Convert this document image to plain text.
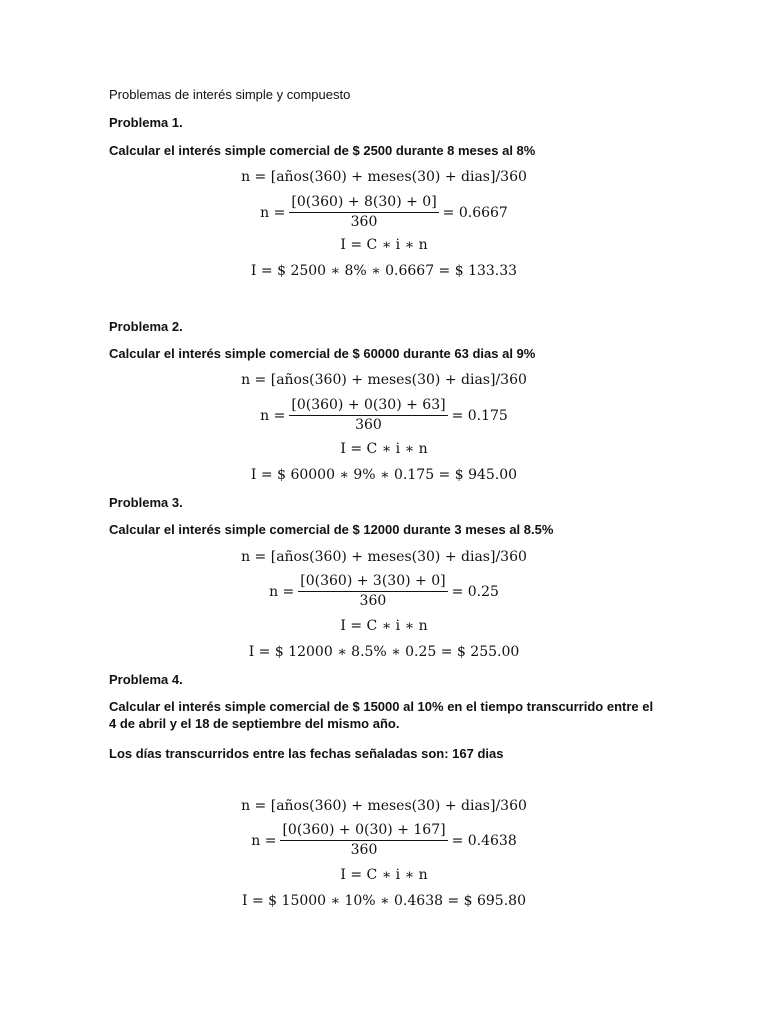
Problemas de interés simple y compuesto
Problema 1.
Calcular el interés simple comercial de $ 2500 durante 8 meses al 8%
n = [años(360) + meses(30) + dias]/360
$n = \frac{[0(360) + 8(30) + 0]}{360} = 0.6667$
I = C ∗ i ∗ n
I = $ 2500 ∗ 8% ∗ 0.6667 = $ 133.33
Problema 2.
Calcular el interés simple comercial de $ 60000 durante 63 dias al 9%
n = [años(360) + meses(30) + dias]/360
$n = \frac{[0(360) + 0(30) + 63]}{360} = 0.175$
I = C ∗ i ∗ n
I = $ 60000 ∗ 9% ∗ 0.175 = $ 945.00
Problema 3.
Calcular el interés simple comercial de $ 12000 durante 3 meses al 8.5%
n = [años(360) + meses(30) + dias]/360
$n = \frac{[0(360) + 3(30) + 0]}{360} = 0.25$
I = C ∗ i ∗ n
I = $ 12000 ∗ 8.5% ∗ 0.25 = $ 255.00
Problema 4.
Calcular el interés simple comercial de $ 15000 al 10% en el tiempo transcurrido entre el 4 de abril y el 18 de septiembre del mismo año.
Los días transcurridos entre las fechas señaladas son: 167 dias
n = [años(360) + meses(30) + dias]/360
$n = \frac{[0(360) + 0(30) + 167]}{360} = 0.4638$
I = C ∗ i ∗ n
I = $ 15000 ∗ 10% ∗ 0.4638 = $ 695.80
